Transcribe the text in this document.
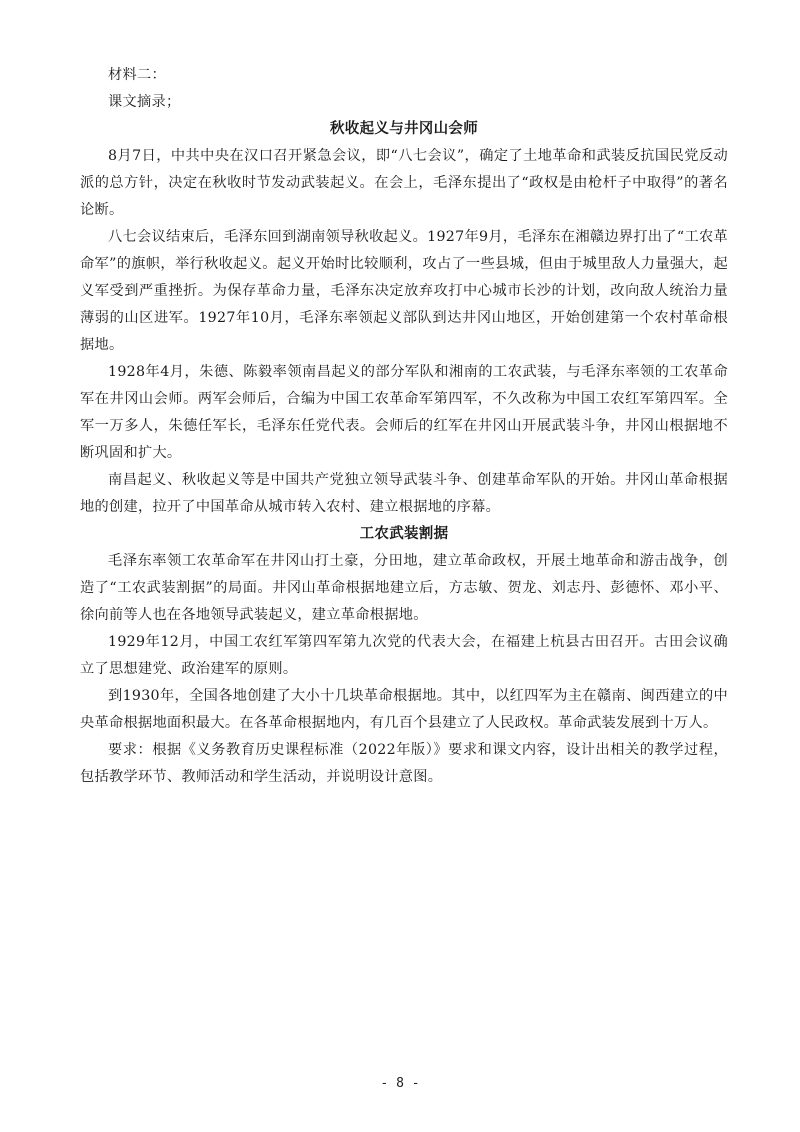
材料二：

课文摘录；

秋收起义与井冈山会师

8月7日，中共中央在汉口召开紧急会议，即“八七会议”，确定了土地革命和武装反抗国民党反动派的总方针，决定在秋收时节发动武装起义。在会上，毛泽东提出了“政权是由枪杆子中取得”的著名论断。

八七会议结束后，毛泽东回到湖南领导秋收起义。1927年9月，毛泽东在湘赣边界打出了“工农革命军”的旗帜，举行秋收起义。起义开始时比较顺利，攻占了一些县城，但由于城里敌人力量强大，起义军受到严重挫折。为保存革命力量，毛泽东决定放弃攻打中心城市长沙的计划，改向敌人统治力量薄弱的山区进军。1927年10月，毛泽东率领起义部队到达井冈山地区，开始创建第一个农村革命根据地。

1928年4月，朱德、陈毅率领南昌起义的部分军队和湘南的工农武装，与毛泽东率领的工农革命军在井冈山会师。两军会师后，合编为中国工农革命军第四军，不久改称为中国工农红军第四军。全军一万多人，朱德任军长，毛泽东任党代表。会师后的红军在井冈山开展武装斗争，井冈山根据地不断巩固和扩大。

南昌起义、秋收起义等是中国共产党独立领导武装斗争、创建革命军队的开始。井冈山革命根据地的创建，拉开了中国革命从城市转入农村、建立根据地的序幕。

工农武装割据

毛泽东率领工农革命军在井冈山打土豪，分田地，建立革命政权，开展土地革命和游击战争，创造了“工农武装割据”的局面。井冈山革命根据地建立后，方志敏、贺龙、刘志丹、彭德怀、邓小平、徐向前等人也在各地领导武装起义，建立革命根据地。

1929年12月，中国工农红军第四军第九次党的代表大会，在福建上杭县古田召开。古田会议确立了思想建党、政治建军的原则。

到1930年，全国各地创建了大小十几块革命根据地。其中，以红四军为主在赣南、闽西建立的中央革命根据地面积最大。在各革命根据地内，有几百个县建立了人民政权。革命武装发展到十万人。

要求：根据《义务教育历史课程标准（2022年版）》要求和课文内容，设计出相关的教学过程，包括教学环节、教师活动和学生活动，并说明设计意图。

- 8 -
